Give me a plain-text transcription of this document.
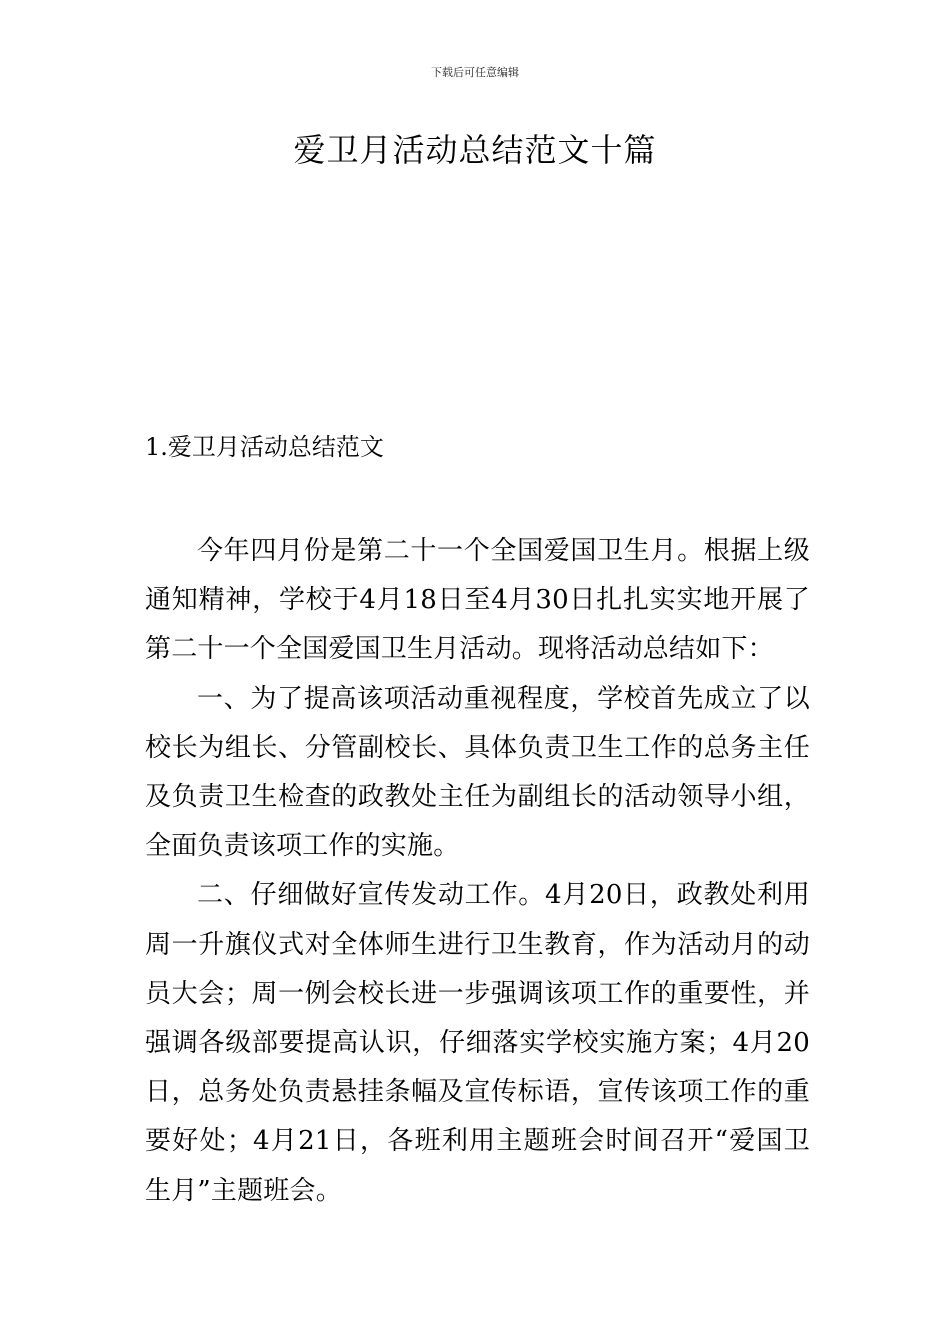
下载后可任意编辑
爱卫月活动总结范文十篇
1.爱卫月活动总结范文

今年四月份是第二十一个全国爱国卫生月。根据上级通知精神，学校于4月18日至4月30日扎扎实实地开展了第二十一个全国爱国卫生月活动。现将活动总结如下：

一、为了提高该项活动重视程度，学校首先成立了以校长为组长、分管副校长、具体负责卫生工作的总务主任及负责卫生检查的政教处主任为副组长的活动领导小组，全面负责该项工作的实施。

二、仔细做好宣传发动工作。4月20日，政教处利用周一升旗仪式对全体师生进行卫生教育，作为活动月的动员大会；周一例会校长进一步强调该项工作的重要性，并强调各级部要提高认识，仔细落实学校实施方案；4月20日，总务处负责悬挂条幅及宣传标语，宣传该项工作的重要好处；4月21日，各班利用主题班会时间召开“爱国卫生月”主题班会。
